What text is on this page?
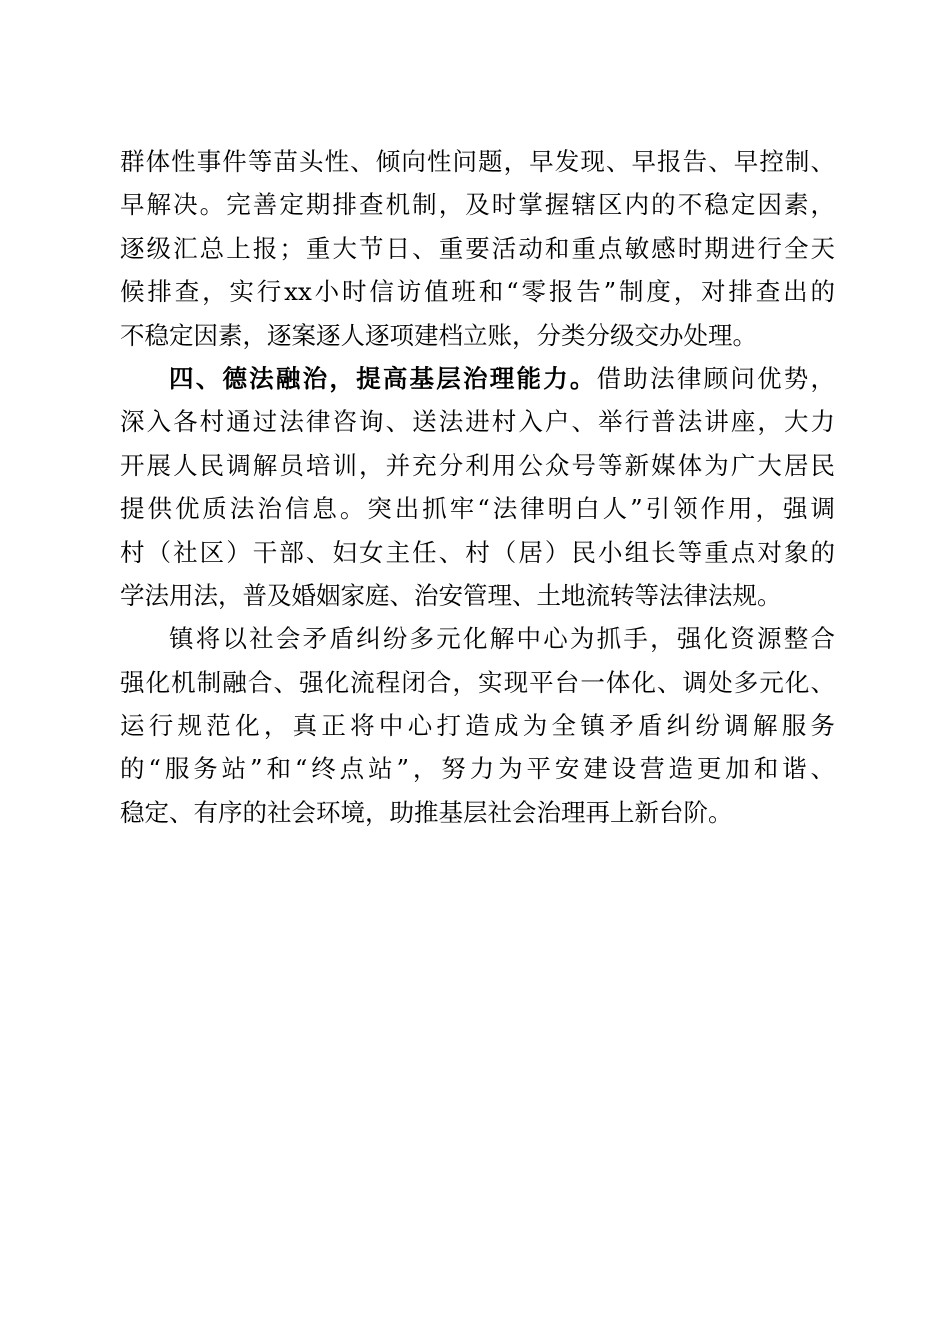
群体性事件等苗头性、倾向性问题，早发现、早报告、早控制、
早解决。完善定期排查机制，及时掌握辖区内的不稳定因素，
逐级汇总上报；重大节日、重要活动和重点敏感时期进行全天
候排查，实行xx小时信访值班和“零报告”制度，对排查出的
不稳定因素，逐案逐人逐项建档立账，分类分级交办处理。
四、德法融治，提高基层治理能力。借助法律顾问优势，
深入各村通过法律咨询、送法进村入户、举行普法讲座，大力
开展人民调解员培训，并充分利用公众号等新媒体为广大居民
提供优质法治信息。突出抓牢“法律明白人”引领作用，强调
村（社区）干部、妇女主任、村（居）民小组长等重点对象的
学法用法，普及婚姻家庭、治安管理、土地流转等法律法规。
镇将以社会矛盾纠纷多元化解中心为抓手，强化资源整合
强化机制融合、强化流程闭合，实现平台一体化、调处多元化、
运行规范化，真正将中心打造成为全镇矛盾纠纷调解服务
的“服务站”和“终点站”，努力为平安建设营造更加和谐、
稳定、有序的社会环境，助推基层社会治理再上新台阶。
